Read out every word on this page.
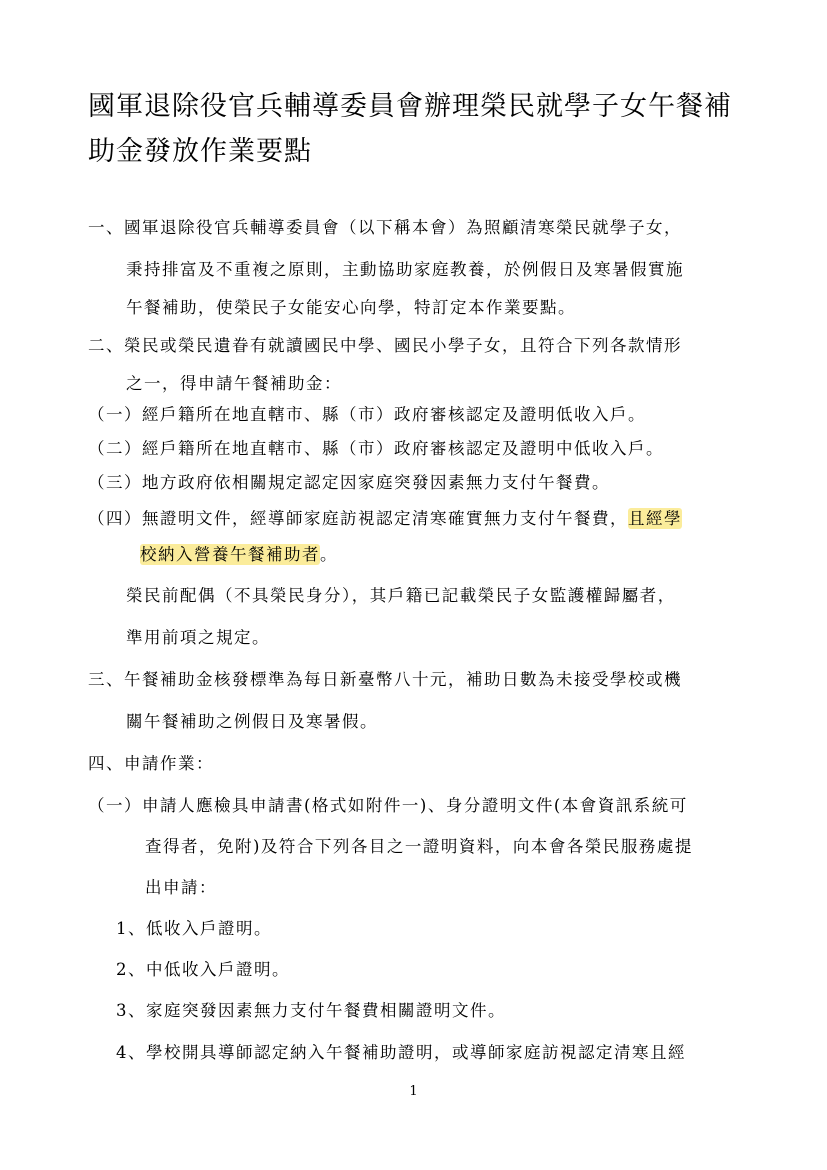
國軍退除役官兵輔導委員會辦理榮民就學子女午餐補助金發放作業要點

一、國軍退除役官兵輔導委員會（以下稱本會）為照顧清寒榮民就學子女，

秉持排富及不重複之原則，主動協助家庭教養，於例假日及寒暑假實施

午餐補助，使榮民子女能安心向學，特訂定本作業要點。

二、榮民或榮民遺眷有就讀國民中學、國民小學子女，且符合下列各款情形

之一，得申請午餐補助金：

（一）經戶籍所在地直轄市、縣（市）政府審核認定及證明低收入戶。

（二）經戶籍所在地直轄市、縣（市）政府審核認定及證明中低收入戶。

（三）地方政府依相關規定認定因家庭突發因素無力支付午餐費。

（四）無證明文件，經導師家庭訪視認定清寒確實無力支付午餐費，且經學

校納入營養午餐補助者。

榮民前配偶（不具榮民身分），其戶籍已記載榮民子女監護權歸屬者，

準用前項之規定。

三、午餐補助金核發標準為每日新臺幣八十元，補助日數為未接受學校或機

關午餐補助之例假日及寒暑假。

四、申請作業：

（一）申請人應檢具申請書(格式如附件一)、身分證明文件(本會資訊系統可

查得者，免附)及符合下列各目之一證明資料，向本會各榮民服務處提

出申請：

1、低收入戶證明。

2、中低收入戶證明。

3、家庭突發因素無力支付午餐費相關證明文件。

4、學校開具導師認定納入午餐補助證明，或導師家庭訪視認定清寒且經

1
